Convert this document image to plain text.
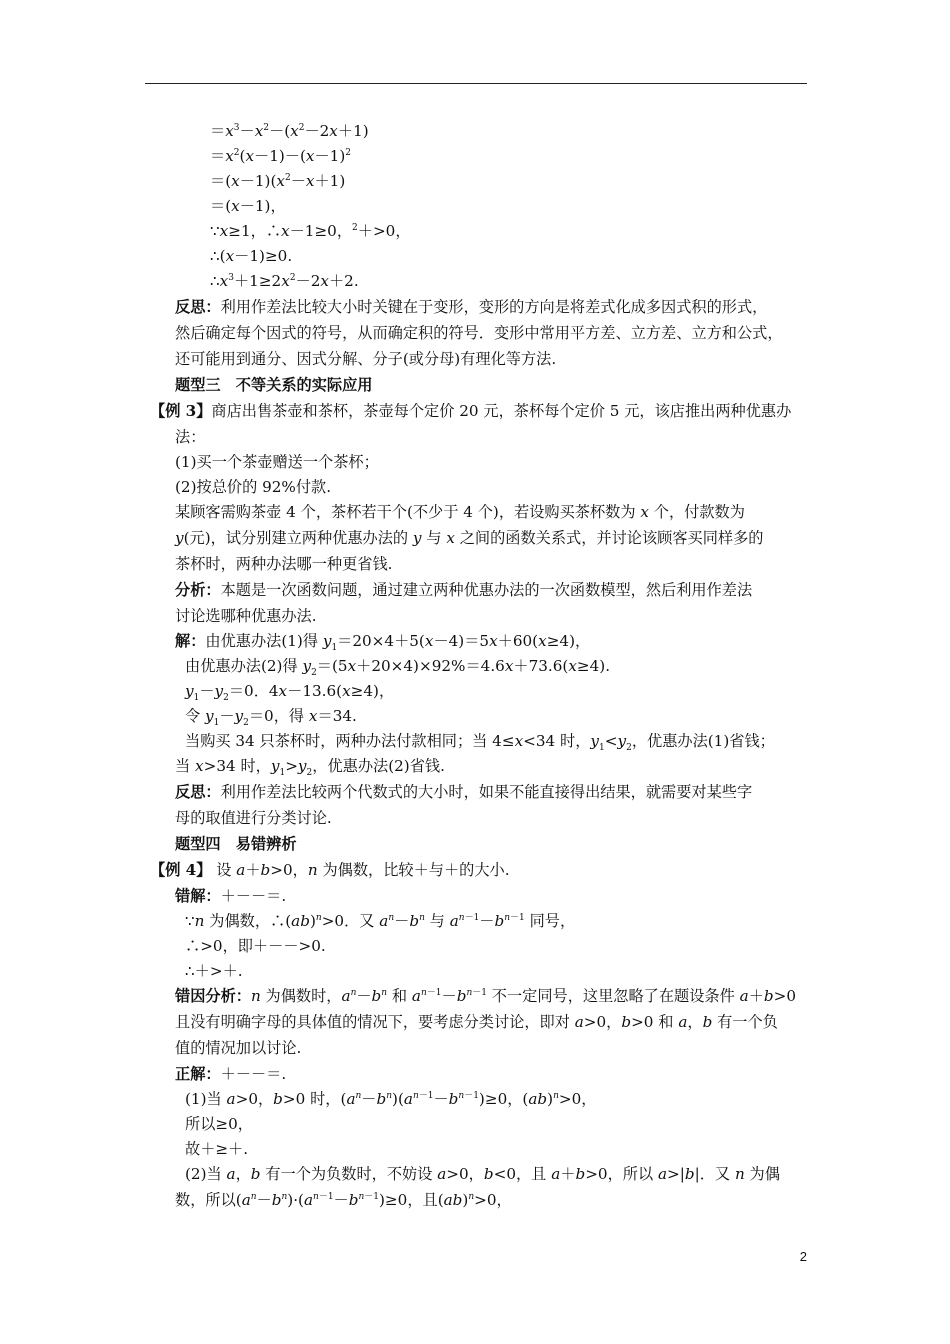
$=x^3-x^2-(x^2-2x+1)$
$=x^2(x-1)-(x-1)^2$
$=(x-1)(x^2-x+1)$
＝(x－1)，
∵x≥1，∴x－1≥0，$^2$＋>0，
∴(x－1)≥0.
$\therefore x^3+1\ge 2x^2-2x+2$.
反思：利用作差法比较大小时关键在于变形，变形的方向是将差式化成多因式积的形式，
然后确定每个因式的符号，从而确定积的符号．变形中常用平方差、立方差、立方和公式，
还可能用到通分、因式分解、分子(或分母)有理化等方法.
题型三　不等关系的实际应用
【例 3】商店出售茶壶和茶杯，茶壶每个定价 20 元，茶杯每个定价 5 元，该店推出两种优惠办
法：
(1)买一个茶壶赠送一个茶杯；
(2)按总价的 92%付款.
某顾客需购茶壶 4 个，茶杯若干个(不少于 4 个)，若设购买茶杯数为 x 个，付款数为
y(元)，试分别建立两种优惠办法的 y 与 x 之间的函数关系式，并讨论该顾客买同样多的
茶杯时，两种办法哪一种更省钱.
分析：本题是一次函数问题，通过建立两种优惠办法的一次函数模型，然后利用作差法
讨论选哪种优惠办法.
解：由优惠办法(1)得 $y_1=20\times 4+5(x-4)=5x+60(x\ge 4)$，
由优惠办法(2)得 $y_2=(5x+20\times 4)\times 92\%=4.6x+73.6(x\ge 4)$.
$y_1-y_2=0$．4x－13.6(x≥4)，
令 $y_1-y_2=0$，得 x＝34.
当购买 34 只茶杯时，两种办法付款相同；当 4≤x<34 时，$y_1<y_2$，优惠办法(1)省钱；
当 x>34 时，$y_1>y_2$，优惠办法(2)省钱.
反思：利用作差法比较两个代数式的大小时，如果不能直接得出结果，就需要对某些字
母的取值进行分类讨论.
题型四　易错辨析
【例 4】 设 a＋b>0，n 为偶数，比较＋与＋的大小.
错解：＋－－＝.
∵n 为偶数，∴(ab)$^n$>0．又 $a^n-b^n$ 与 $a^{n-1}-b^{n-1}$ 同号，
∴>0，即＋－－>0.
∴＋>＋.
错因分析：n 为偶数时，$a^n-b^n$ 和 $a^{n-1}-b^{n-1}$ 不一定同号，这里忽略了在题设条件 a＋b>0
且没有明确字母的具体值的情况下，要考虑分类讨论，即对 a>0，b>0 和 a，b 有一个负
值的情况加以讨论.
正解：＋－－＝.
(1)当 a>0，b>0 时，$(a^n-b^n)(a^{n-1}-b^{n-1})\ge 0$，(ab)$^n$>0，
所以≥0，
故＋≥＋.
(2)当 a，b 有一个为负数时，不妨设 a>0，b<0，且 a＋b>0，所以 a>|b|．又 n 为偶
数，所以$(a^n-b^n)\cdot(a^{n-1}-b^{n-1})\ge 0$，且(ab)$^n$>0，
2
